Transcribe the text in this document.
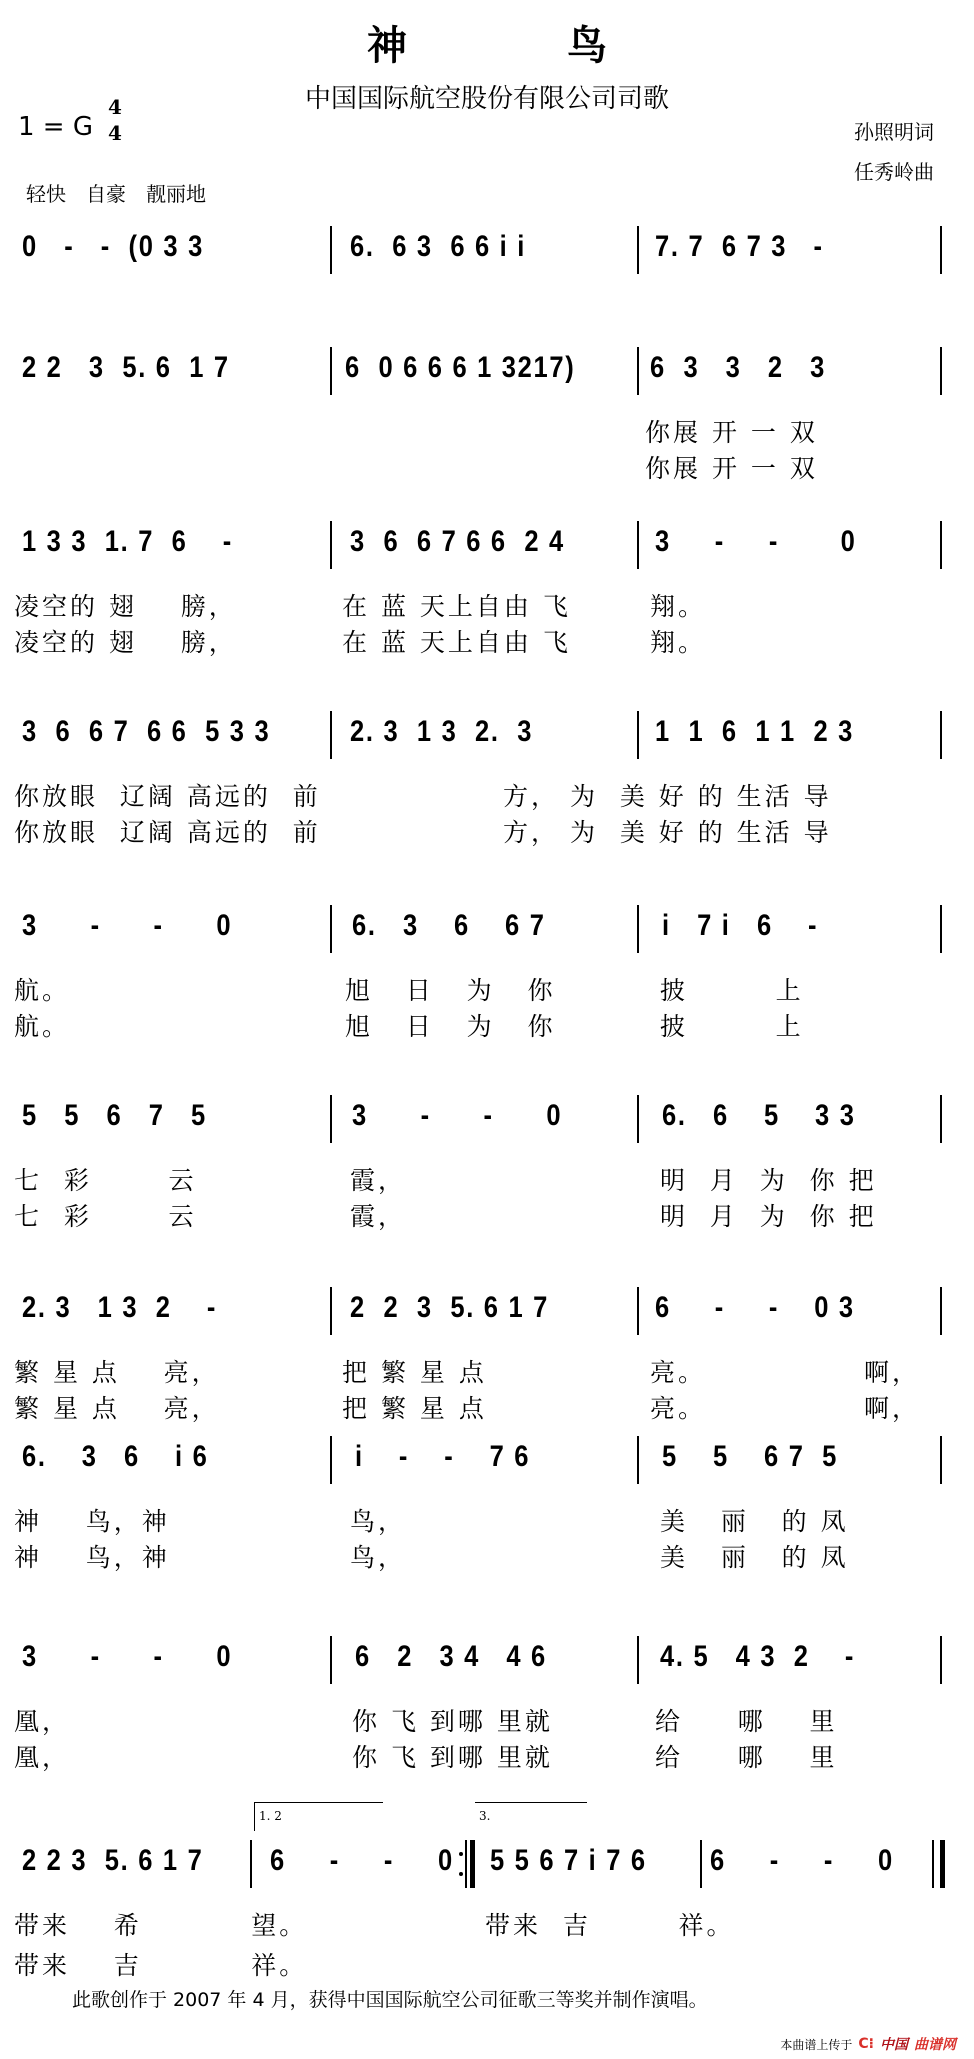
神　鸟
中国国际航空股份有限公司司歌
1 = G
4
4	孙照明词
任秀岭曲
轻快　自豪　靓丽地
0   -   -  (0 3 3	6.  6 3  6 6 i i	7. 7  6 7 3   -
2 2   3  5. 6  1 7	6  0 6 6 6 1 3217) 6  3   3   2   3
你展 开 一 双
你展 开 一 双
1 3 3  1. 7  6    -	3  6  6 7 6 6  2 4	3     -     -       0
凌空的 翅    膀，
凌空的 翅    膀，
在 蓝 天上自由 飞
在 蓝 天上自由 飞
翔。
翔。
3  6  6 7  6 6  5 3 3	2. 3  1 3  2.  3	1  1  6  1 1  2 3
你放眼  辽阔 高远的  前
你放眼  辽阔 高远的  前
方， 为  美 好 的 生活 导
方， 为  美 好 的 生活 导
3      -      -      0	6.   3    6    6 7	i   7 i   6    -
航。
航。
旭   日   为   你
旭   日   为   你
披        上
披        上
5   5   6   7   5	3      -      -      0	6.   6    5    3 3
七  彩       云
七  彩       云
霞，
霞，
明  月  为  你 把
明  月  为  你 把
2. 3   1 3  2    -	2  2  3  5. 6 1 7	6     -     -    0 3
繁 星 点    亮，
繁 星 点    亮，
把 繁 星 点
把 繁 星 点
亮。
亮。
啊，
啊，
6.    3   6    i 6	i    -    -    7 6	5    5    6 7  5
神    鸟，神
神    鸟，神
鸟，
鸟，
美   丽   的 凤
美   丽   的 凤
3      -      -      0	6   2   3 4   4 6	4. 5   4 3  2    -
凰，
凰，
你 飞 到哪 里就
你 飞 到哪 里就
给     哪    里
给     哪    里
2 2 3  5. 6 1 7 6     -     -     0 5 5 6 7 i 7 6 6     -     -     0
带来    希          望。
带来    吉          祥。
带来  吉        祥。
1. 2	3.
此歌创作于 2007 年 4 月，获得中国国际航空公司征歌三等奖并制作演唱。
本曲谱上传于 C⁝ 中国 曲谱网
